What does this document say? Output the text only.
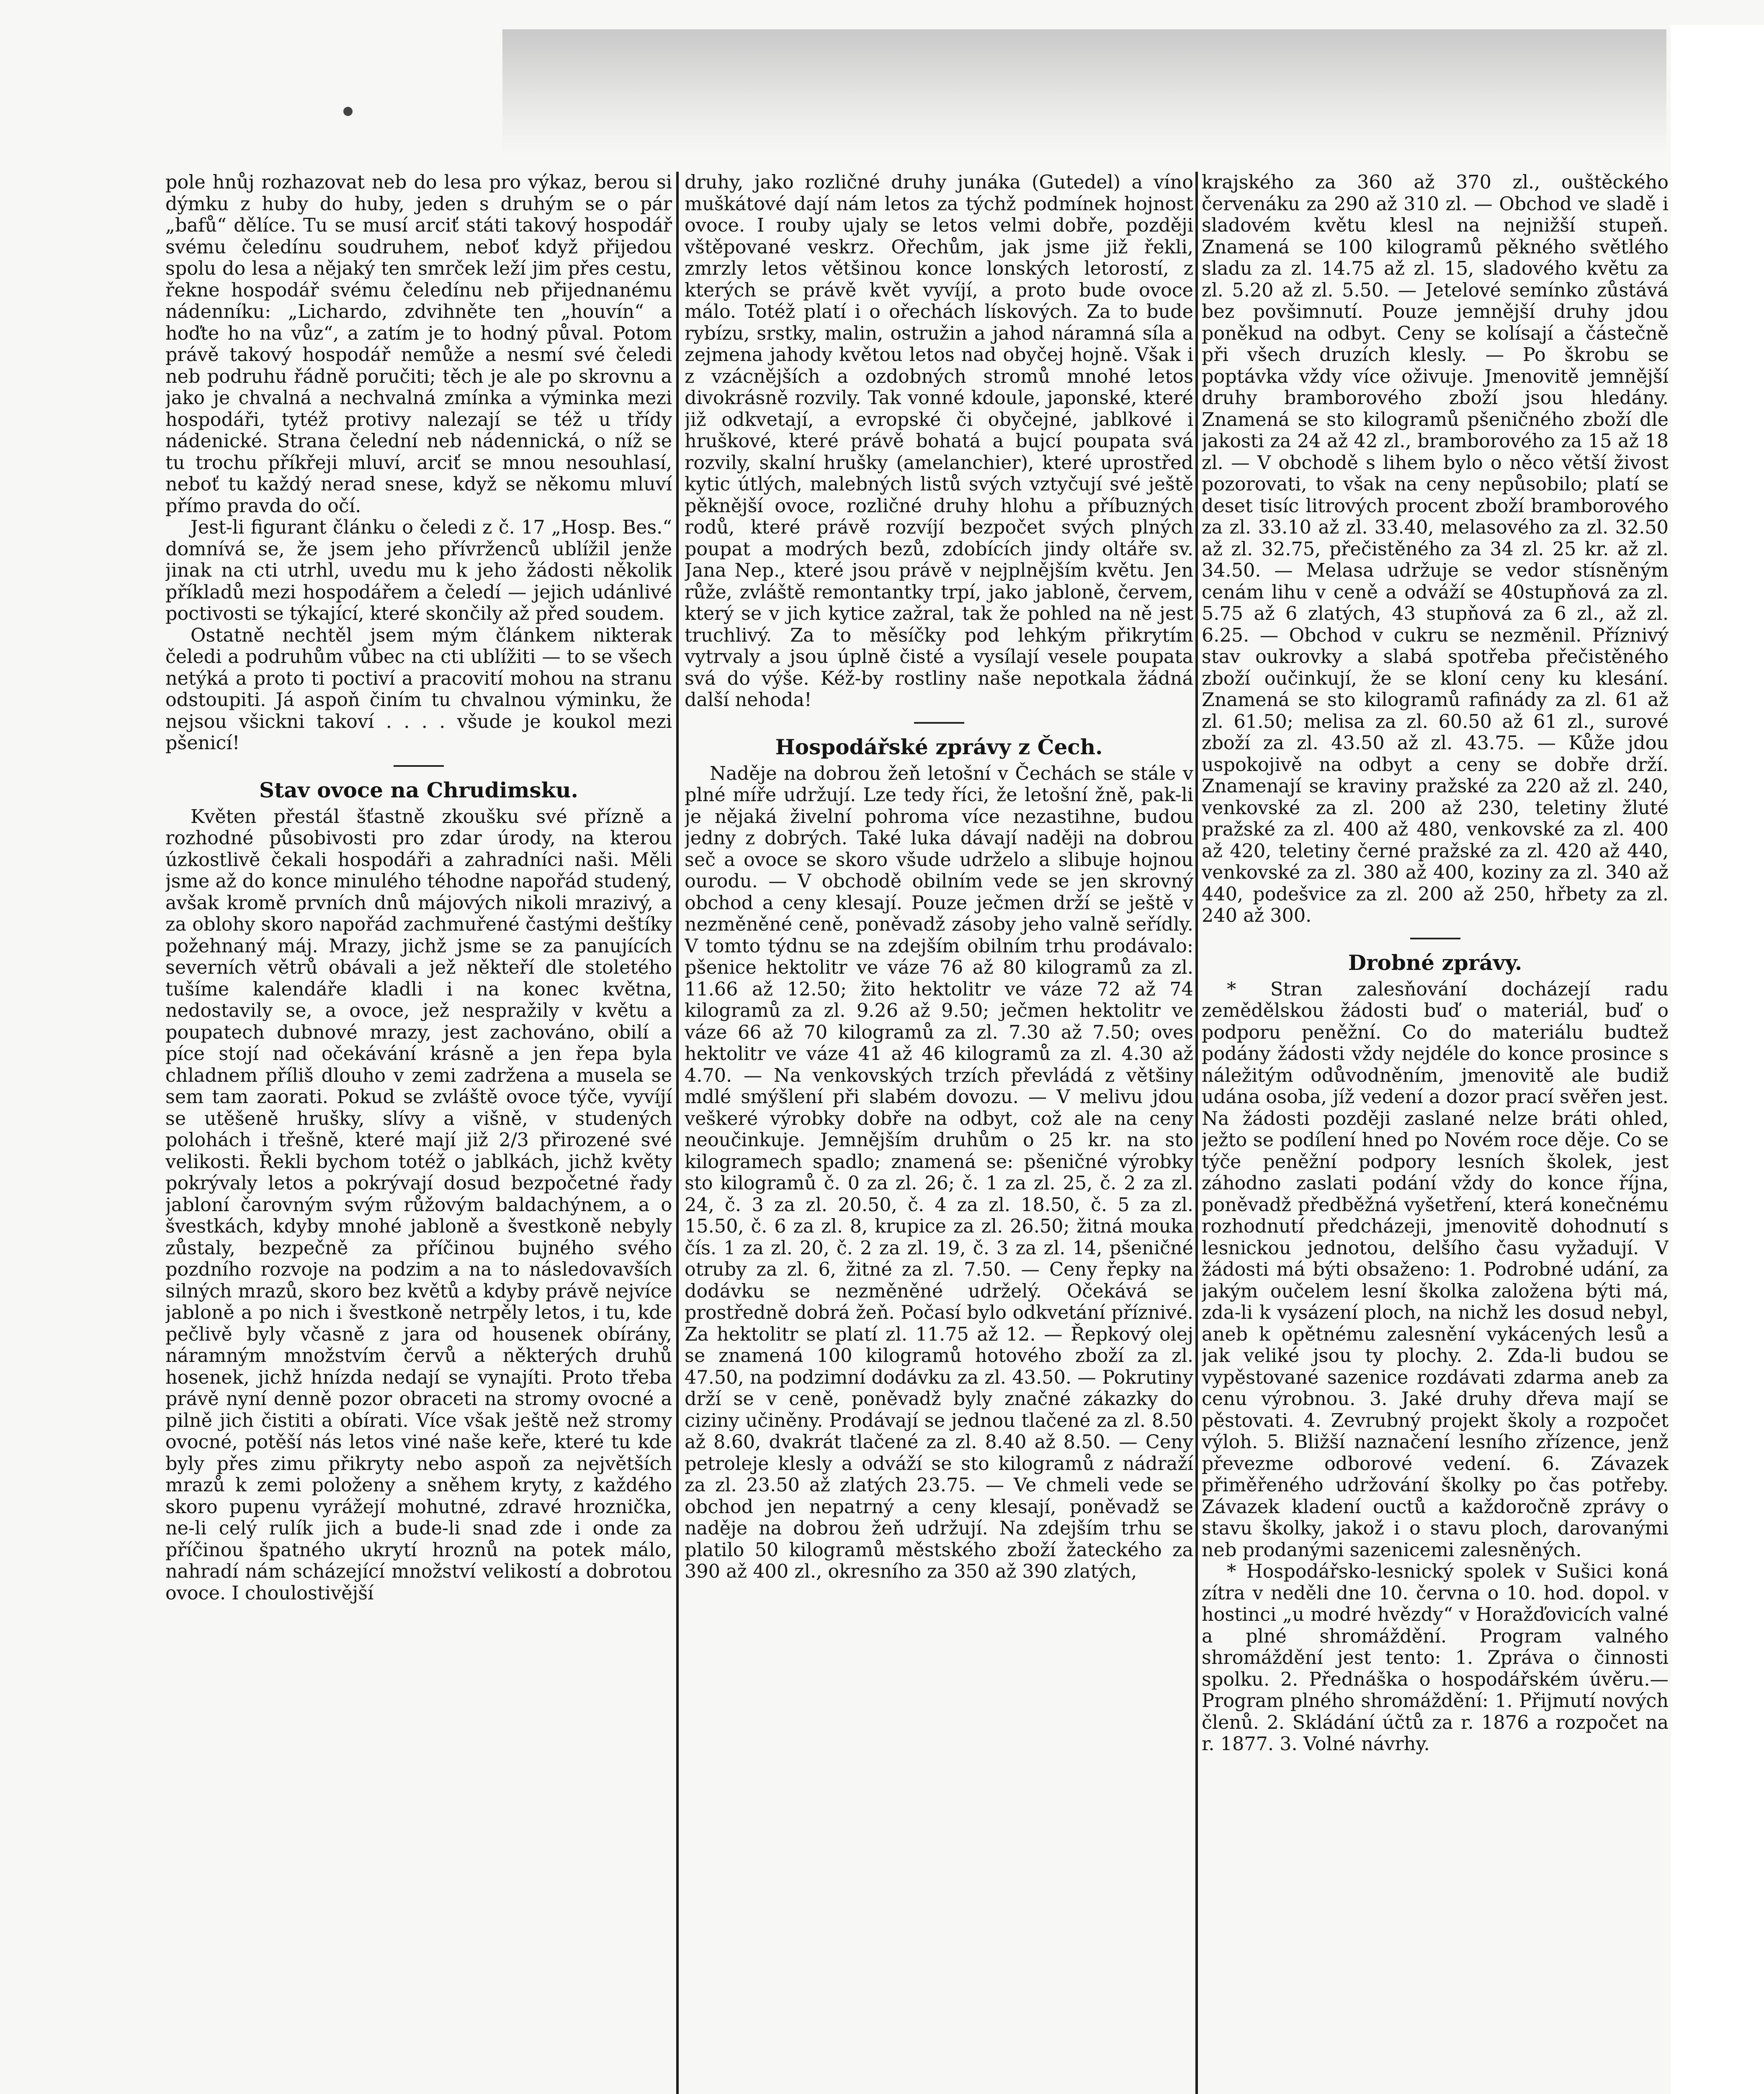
pole hnůj rozhazovat neb do lesa pro výkaz, berou si dýmku z huby do huby, jeden s druhým se o pár „bafů“ dělíce. Tu se musí arciť státi takový hospodář svému čeledínu soudruhem, neboť když přijedou spolu do lesa a nějaký ten smrček leží jim přes cestu, řekne hospodář svému čeledínu neb přijednanému nádenníku: „Lichardo, zdvihněte ten „houvín“ a hoďte ho na vůz“, a zatím je to hodný půval. Potom právě takový hospodář nemůže a nesmí své čeledi neb podruhu řádně poručiti; těch je ale po skrovnu a jako je chvalná a nechvalná zmínka a výminka mezi hospodáři, tytéž protivy nalezají se též u třídy nádenické. Strana čelední neb nádennická, o níž se tu trochu příkřeji mluví, arciť se mnou nesouhlasí, neboť tu každý nerad snese, když se někomu mluví přímo pravda do očí.

Jest-li figurant článku o čeledi z č. 17 „Hosp. Bes.“ domnívá se, že jsem jeho přívrženců ublížil jenže jinak na cti utrhl, uvedu mu k jeho žádosti několik příkladů mezi hospodářem a čeledí — jejich udánlivé poctivosti se týkající, které skončily až před soudem.

Ostatně nechtěl jsem mým článkem nikterak čeledi a podruhům vůbec na cti ublížiti — to se všech netýká a proto ti poctiví a pracovití mohou na stranu odstoupiti. Já aspoň činím tu chvalnou výminku, že nejsou všickni takoví . . . . všude je koukol mezi pšenicí!

Stav ovoce na Chrudimsku.

Květen přestál šťastně zkoušku své přízně a rozhodné působivosti pro zdar úrody, na kterou úzkostlivě čekali hospodáři a zahradníci naši. Měli jsme až do konce minulého téhodne napořád studený, avšak kromě prvních dnů májových nikoli mrazivý, a za oblohy skoro napořád zachmuřené častými deštíky požehnaný máj. Mrazy, jichž jsme se za panujících severních větrů obávali a jež někteří dle stoletého tušíme kalendáře kladli i na konec května, nedostavily se, a ovoce, jež nespražily v květu a poupatech dubnové mrazy, jest zachováno, obilí a píce stojí nad očekávání krásně a jen řepa byla chladnem příliš dlouho v zemi zadržena a musela se sem tam zaorati. Pokud se zvláště ovoce týče, vyvíjí se utěšeně hrušky, slívy a višně, v studených polohách i třešně, které mají již 2/3 přirozené své velikosti. Řekli bychom totéž o jablkách, jichž květy pokrývaly letos a pokrývají dosud bezpočetné řady jabloní čarovným svým růžovým baldachýnem, a o švestkách, kdyby mnohé jabloně a švestkoně nebyly zůstaly, bezpečně za příčinou bujného svého pozdního rozvoje na podzim a na to následovavších silných mrazů, skoro bez květů a kdyby právě nejvíce jabloně a po nich i švestkoně netrpěly letos, i tu, kde pečlivě byly včasně z jara od housenek obírány, náramným množstvím červů a některých druhů hosenek, jichž hnízda nedají se vynajíti. Proto třeba právě nyní denně pozor obraceti na stromy ovocné a pilně jich čistiti a obírati. Více však ještě než stromy ovocné, potěší nás letos viné naše keře, které tu kde byly přes zimu přikryty nebo aspoň za největších mrazů k zemi položeny a sněhem kryty, z každého skoro pupenu vyrážejí mohutné, zdravé hroznička, ne-li celý rulík jich a bude-li snad zde i onde za příčinou špatného ukrytí hroznů na potek málo, nahradí nám scházející množství velikostí a dobrotou ovoce. I choulostivější

druhy, jako rozličné druhy junáka (Gutedel) a víno muškátové dají nám letos za týchž podmínek hojnost ovoce. I rouby ujaly se letos velmi dobře, později vštěpované veskrz. Ořechům, jak jsme již řekli, zmrzly letos většinou konce lonských letorostí, z kterých se právě květ vyvíjí, a proto bude ovoce málo. Totéž platí i o ořechách lískových. Za to bude rybízu, srstky, malin, ostružin a jahod náramná síla a zejmena jahody květou letos nad obyčej hojně. Však i z vzácnějších a ozdobných stromů mnohé letos divokrásně rozvily. Tak vonné kdoule, japonské, které již odkvetají, a evropské či obyčejné, jablkové i hruškové, které právě bohatá a bujcí poupata svá rozvily, skalní hrušky (amelanchier), které uprostřed kytic útlých, malebných listů svých vztyčují své ještě pěknější ovoce, rozličné druhy hlohu a příbuzných rodů, které právě rozvíjí bezpočet svých plných poupat a modrých bezů, zdobících jindy oltáře sv. Jana Nep., které jsou právě v nejplnějším květu. Jen růže, zvláště remontantky trpí, jako jabloně, červem, který se v jich kytice zažral, tak že pohled na ně jest truchlivý. Za to měsíčky pod lehkým přikrytím vytrvaly a jsou úplně čisté a vysílají vesele poupata svá do výše. Kéž-by rostliny naše nepotkala žádná další nehoda!

Hospodářské zprávy z Čech.

Naděje na dobrou žeň letošní v Čechách se stále v plné míře udržují. Lze tedy říci, že letošní žně, pak-li je nějaká živelní pohroma více nezastihne, budou jedny z dobrých. Také luka dávají naději na dobrou seč a ovoce se skoro všude udrželo a slibuje hojnou ourodu. — V obchodě obilním vede se jen skrovný obchod a ceny klesají. Pouze ječmen drží se ještě v nezměněné ceně, poněvadž zásoby jeho valně seřídly. V tomto týdnu se na zdejším obilním trhu prodávalo: pšenice hektolitr ve váze 76 až 80 kilogramů za zl. 11.66 až 12.50; žito hektolitr ve váze 72 až 74 kilogramů za zl. 9.26 až 9.50; ječmen hektolitr ve váze 66 až 70 kilogramů za zl. 7.30 až 7.50; oves hektolitr ve váze 41 až 46 kilogramů za zl. 4.30 až 4.70. — Na venkovských trzích převládá z většiny mdlé smýšlení při slabém dovozu. — V melivu jdou veškeré výrobky dobře na odbyt, což ale na ceny neoučinkuje. Jemnějším druhům o 25 kr. na sto kilogramech spadlo; znamená se: pšeničné výrobky sto kilogramů č. 0 za zl. 26; č. 1 za zl. 25, č. 2 za zl. 24, č. 3 za zl. 20.50, č. 4 za zl. 18.50, č. 5 za zl. 15.50, č. 6 za zl. 8, krupice za zl. 26.50; žitná mouka čís. 1 za zl. 20, č. 2 za zl. 19, č. 3 za zl. 14, pšeničné otruby za zl. 6, žitné za zl. 7.50. — Ceny řepky na dodávku se nezměněné udrželý. Očekává se prostředně dobrá žeň. Počasí bylo odkvetání příznivé. Za hektolitr se platí zl. 11.75 až 12. — Řepkový olej se znamená 100 kilogramů hotového zboží za zl. 47.50, na podzimní dodávku za zl. 43.50. — Pokrutiny drží se v ceně, poněvadž byly značné zákazky do ciziny učiněny. Prodávají se jednou tlačené za zl. 8.50 až 8.60, dvakrát tlačené za zl. 8.40 až 8.50. — Ceny petroleje klesly a odváží se sto kilogramů z nádraží za zl. 23.50 až zlatých 23.75. — Ve chmeli vede se obchod jen nepatrný a ceny klesají, poněvadž se naděje na dobrou žeň udržují. Na zdejším trhu se platilo 50 kilogramů městského zboží žateckého za 390 až 400 zl., okresního za 350 až 390 zlatých,

krajského za 360 až 370 zl., ouštěckého červenáku za 290 až 310 zl. — Obchod ve sladě i sladovém květu klesl na nejnižší stupeň. Znamená se 100 kilogramů pěkného světlého sladu za zl. 14.75 až zl. 15, sladového květu za zl. 5.20 až zl. 5.50. — Jetelové semínko zůstává bez povšimnutí. Pouze jemnější druhy jdou poněkud na odbyt. Ceny se kolísají a částečně při všech druzích klesly. — Po škrobu se poptávka vždy více oživuje. Jmenovitě jemnější druhy bramborového zboží jsou hledány. Znamená se sto kilogramů pšeničného zboží dle jakosti za 24 až 42 zl., bramborového za 15 až 18 zl. — V obchodě s lihem bylo o něco větší živost pozorovati, to však na ceny nepůsobilo; platí se deset tisíc litrových procent zboží bramborového za zl. 33.10 až zl. 33.40, melasového za zl. 32.50 až zl. 32.75, přečistěného za 34 zl. 25 kr. až zl. 34.50. — Melasa udržuje se vedor stísněným cenám lihu v ceně a odváží se 40stupňová za zl. 5.75 až 6 zlatých, 43 stupňová za 6 zl., až zl. 6.25. — Obchod v cukru se nezměnil. Příznivý stav oukrovky a slabá spotřeba přečistěného zboží oučinkují, že se kloní ceny ku klesání. Znamená se sto kilogramů rafinády za zl. 61 až zl. 61.50; melisa za zl. 60.50 až 61 zl., surové zboží za zl. 43.50 až zl. 43.75. — Kůže jdou uspokojivě na odbyt a ceny se dobře drží. Znamenají se kraviny pražské za 220 až zl. 240, venkovské za zl. 200 až 230, teletiny žluté pražské za zl. 400 až 480, venkovské za zl. 400 až 420, teletiny černé pražské za zl. 420 až 440, venkovské za zl. 380 až 400, koziny za zl. 340 až 440, podešvice za zl. 200 až 250, hřbety za zl. 240 až 300.

Drobné zprávy.

* Stran zalesňování docházejí radu zemědělskou žádosti buď o materiál, buď o podporu peněžní. Co do materiálu budtež podány žádosti vždy nejdéle do konce prosince s náležitým odůvodněním, jmenovitě ale budiž udána osoba, jíž vedení a dozor prací svěřen jest. Na žádosti později zaslané nelze bráti ohled, ježto se podílení hned po Novém roce děje. Co se týče peněžní podpory lesních školek, jest záhodno zaslati podání vždy do konce října, poněvadž předběžná vyšetření, která konečnému rozhodnutí předcházeji, jmenovitě dohodnutí s lesnickou jednotou, delšího času vyžadují. V žádosti má býti obsaženo: 1. Podrobné udání, za jakým oučelem lesní školka založena býti má, zda-li k vysázení ploch, na nichž les dosud nebyl, aneb k opětnému zalesnění vykácených lesů a jak veliké jsou ty plochy. 2. Zda-li budou se vypěstované sazenice rozdávati zdarma aneb za cenu výrobnou. 3. Jaké druhy dřeva mají se pěstovati. 4. Zevrubný projekt školy a rozpočet výloh. 5. Bližší naznačení lesního zřízence, jenž převezme odborové vedení. 6. Závazek přiměřeného udržování školky po čas potřeby. Závazek kladení ouctů a každoročně zprávy o stavu školky, jakož i o stavu ploch, darovanými neb prodanými sazenicemi zalesněných.

* Hospodářsko-lesnický spolek v Sušici koná zítra v neděli dne 10. června o 10. hod. dopol. v hostinci „u modré hvězdy“ v Horažďovicích valné a plné shromáždění. Program valného shromáždění jest tento: 1. Zpráva o činnosti spolku. 2. Přednáška o hospodářském úvěru.— Program plného shromáždění: 1. Přijmutí nových členů. 2. Skládání účtů za r. 1876 a rozpočet na r. 1877. 3. Volné návrhy.
